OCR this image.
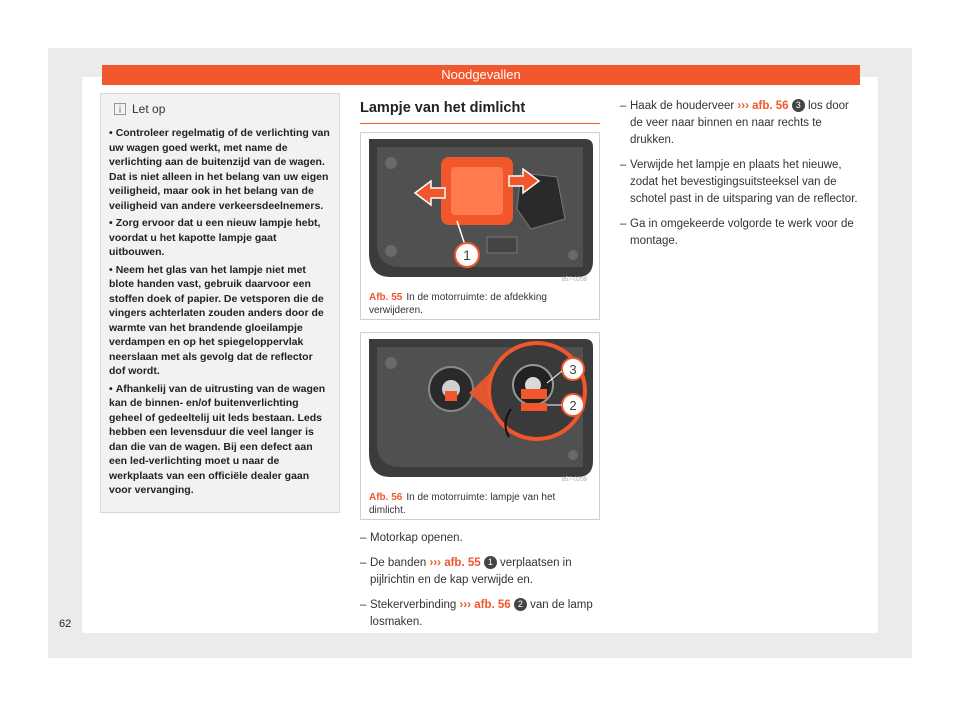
Noodgevallen
Let op

• Controleer regelmatig of de verlichting van uw wagen goed werkt, met name de verlichting aan de buitenzijd van de wagen. Dat is niet alleen in het belang van uw eigen veiligheid, maar ook in het belang van de veiligheid van andere verkeersdeelnemers.

• Zorg ervoor dat u een nieuw lampje hebt, voordat u het kapotte lampje gaat uitbouwen.

• Neem het glas van het lampje niet met blote handen vast, gebruik daarvoor een stoffen doek of papier. De vetsporen die de vingers achterlaten zouden anders door de warmte van het brandende gloeilampje verdampen en op het spiegeloppervlak neerslaan met als gevolg dat de reflector dof wordt.

• Afhankelij van de uitrusting van de wagen kan de binnen- en/of buitenverlichting geheel of gedeeltelij uit leds bestaan. Leds hebben een levensduur die veel langer is dan die van de wagen. Bij een defect aan een led-verlichting moet u naar de werkplaats van een officiële dealer gaan voor vervanging.

Lampje van het dimlicht
1
857-0208
Afb. 55 In de motorruimte: de afdekking verwijderen.
3
2
857-0209
Afb. 56 In de motorruimte: lampje van het dimlicht.
– Motorkap openen.
– De banden ››› afb. 55 1 verplaatsen in pijlrichtin en de kap verwijde en.
– Stekerverbinding ››› afb. 56 2 van de lamp losmaken.
– Haak de houderveer ››› afb. 56 3 los door de veer naar binnen en naar rechts te drukken.
– Verwijde het lampje en plaats het nieuwe, zodat het bevestigingsuitsteeksel van de schotel past in de uitsparing van de reflector.
– Ga in omgekeerde volgorde te werk voor de montage.
62
